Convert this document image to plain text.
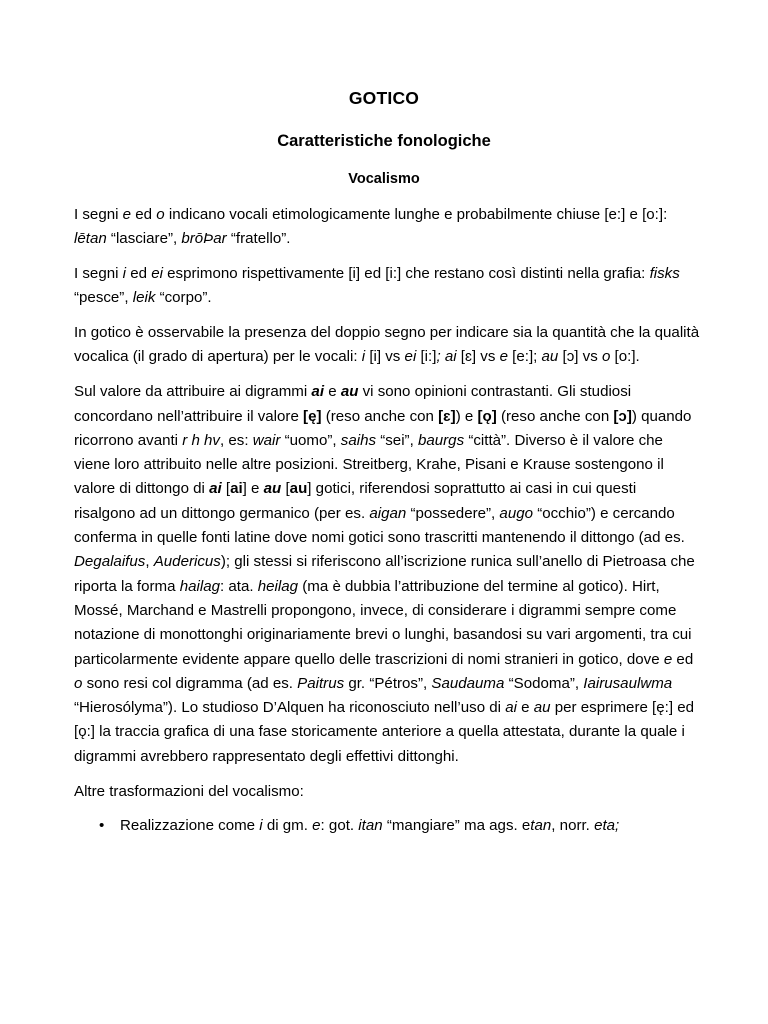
GOTICO
Caratteristiche fonologiche
Vocalismo

I segni e ed o indicano vocali etimologicamente lunghe e probabilmente chiuse [e:] e [o:]: lētan “lasciare”, brōÞar “fratello”.

I segni i ed ei esprimono rispettivamente [i] ed [i:] che restano così distinti nella grafia: fisks “pesce”, leik “corpo”.

In gotico è osservabile la presenza del doppio segno per indicare sia la quantità che la qualità vocalica (il grado di apertura) per le vocali: i [i] vs ei [i:]; ai [ɛ] vs e [e:]; au [ɔ] vs o [o:].

Sul valore da attribuire ai digrammi ai e au vi sono opinioni contrastanti. Gli studiosi concordano nell’attribuire il valore [ę] (reso anche con [ɛ]) e [ǫ] (reso anche con [ɔ]) quando ricorrono avanti r h hv, es: wair “uomo”, saihs “sei”, baurgs “città”. Diverso è il valore che viene loro attribuito nelle altre posizioni. Streitberg, Krahe, Pisani e Krause sostengono il valore di dittongo di ai [ai] e au [au] gotici, riferendosi soprattutto ai casi in cui questi risalgono ad un dittongo germanico (per es. aigan “possedere”, augo “occhio”) e cercando conferma in quelle fonti latine dove nomi gotici sono trascritti mantenendo il dittongo (ad es. Degalaifus, Audericus); gli stessi si riferiscono all’iscrizione runica sull’anello di Pietroasa che riporta la forma hailag: ata. heilag (ma è dubbia l’attribuzione del termine al gotico). Hirt, Mossé, Marchand e Mastrelli propongono, invece, di considerare i digrammi sempre come notazione di monottonghi originariamente brevi o lunghi, basandosi su vari argomenti, tra cui particolarmente evidente appare quello delle trascrizioni di nomi stranieri in gotico, dove e ed o sono resi col digramma (ad es. Paitrus gr. “Pétros”, Saudauma “Sodoma”, Iairusaulwma “Hierosólyma”). Lo studioso D’Alquen ha riconosciuto nell’uso di ai e au per esprimere [ę:] ed [ǫ:] la traccia grafica di una fase storicamente anteriore a quella attestata, durante la quale i digrammi avrebbero rappresentato degli effettivi dittonghi.

Altre trasformazioni del vocalismo:

• Realizzazione come i di gm. e: got. itan “mangiare” ma ags. etan, norr. eta;
